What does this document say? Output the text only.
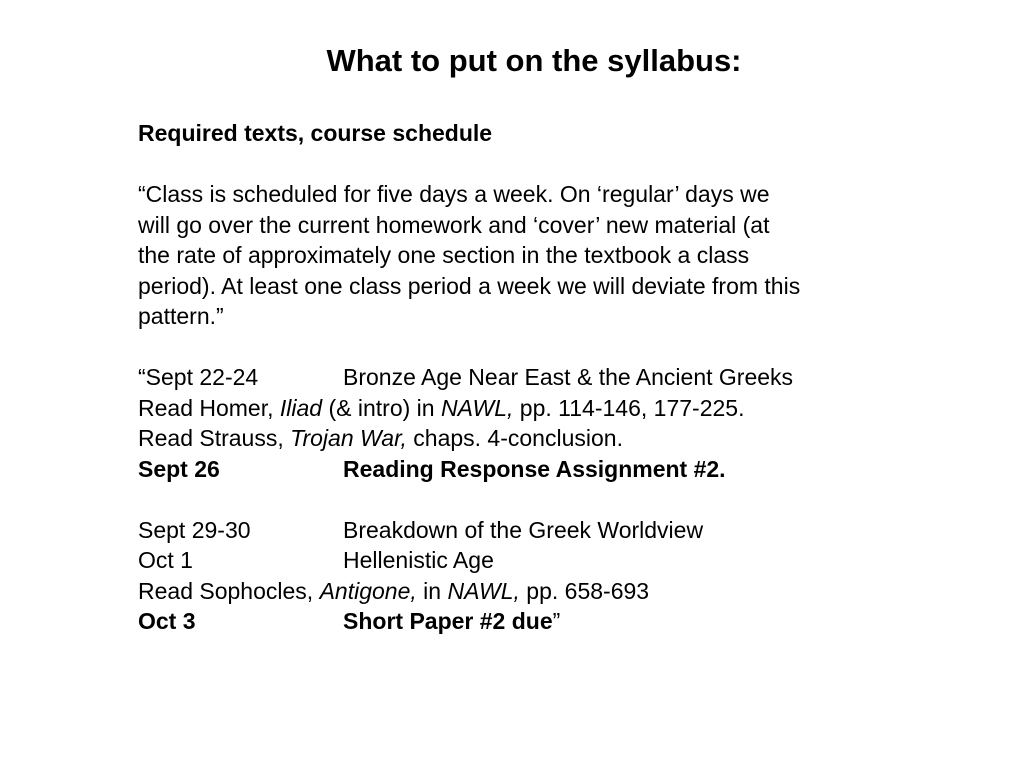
What to put on the syllabus:
Required texts, course schedule
“Class is scheduled for five days a week. On ‘regular’ days we
will go over the current homework and ‘cover’ new material (at
the rate of approximately one section in the textbook a class
period). At least one class period a week we will deviate from this
pattern.”
“Sept 22-24	Bronze Age Near East & the Ancient Greeks
Read Homer, Iliad (& intro) in NAWL, pp. 114-146, 177-225.
Read Strauss, Trojan War, chaps. 4-conclusion.
Sept 26	Reading Response Assignment #2.
Sept 29-30	Breakdown of the Greek Worldview
Oct 1	Hellenistic Age
Read Sophocles, Antigone, in NAWL, pp. 658-693
Oct 3	Short Paper #2 due”
